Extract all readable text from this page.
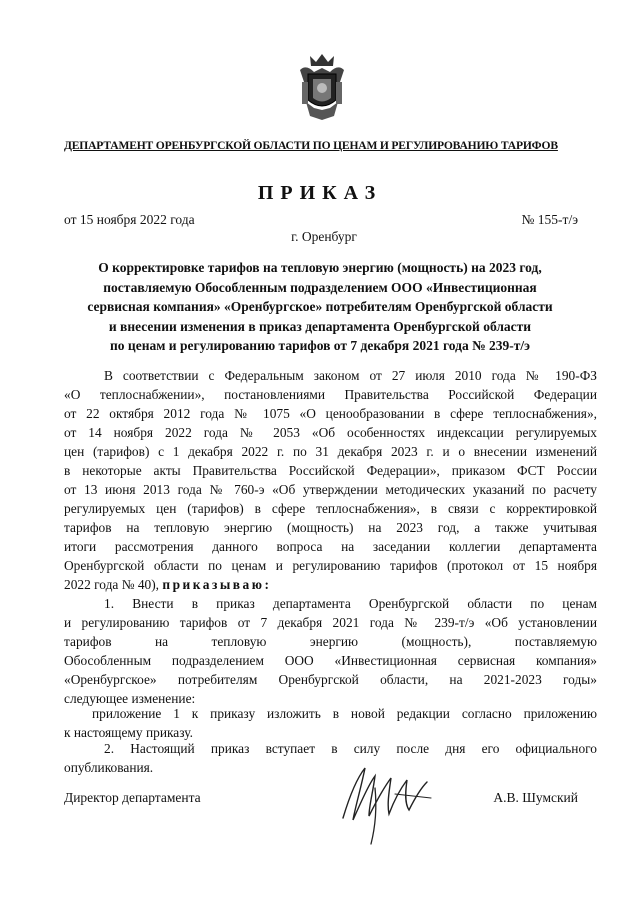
ДЕПАРТАМЕНТ ОРЕНБУРГСКОЙ ОБЛАСТИ ПО ЦЕНАМ И РЕГУЛИРОВАНИЮ ТАРИФОВ
ПРИКАЗ
от 15 ноября 2022 года	№ 155-т/э
г. Оренбург
О корректировке тарифов на тепловую энергию (мощность) на 2023 год,
поставляемую Обособленным подразделением ООО «Инвестиционная
сервисная компания» «Оренбургское» потребителям Оренбургской области
и внесении изменения в приказ департамента Оренбургской области
по ценам и регулированию тарифов от 7 декабря 2021 года № 239-т/э
В соответствии с Федеральным законом от 27 июля 2010 года № 190-ФЗ
«О теплоснабжении», постановлениями Правительства Российской Федерации
от 22 октября 2012 года № 1075 «О ценообразовании в сфере теплоснабжения»,
от 14 ноября 2022 года № 2053 «Об особенностях индексации регулируемых
цен (тарифов) с 1 декабря 2022 г. по 31 декабря 2023 г. и о внесении изменений
в некоторые акты Правительства Российской Федерации», приказом ФСТ России
от 13 июня 2013 года № 760-э «Об утверждении методических указаний по расчету
регулируемых цен (тарифов) в сфере теплоснабжения», в связи с корректировкой
тарифов на тепловую энергию (мощность) на 2023 год, а также учитывая
итоги рассмотрения данного вопроса на заседании коллегии департамента
Оренбургской области по ценам и регулированию тарифов (протокол от 15 ноября
2022 года № 40), приказываю:
1. Внести в приказ департамента Оренбургской области по ценам
и регулированию тарифов от 7 декабря 2021 года № 239-т/э «Об установлении
тарифов на тепловую энергию (мощность), поставляемую
Обособленным подразделением ООО «Инвестиционная сервисная компания»
«Оренбургское» потребителям Оренбургской области, на 2021-2023 годы»
следующее изменение:
приложение 1 к приказу изложить в новой редакции согласно приложению
к настоящему приказу.
2. Настоящий приказ вступает в силу после дня его официального
опубликования.
Директор департамента	А.В. Шумский
